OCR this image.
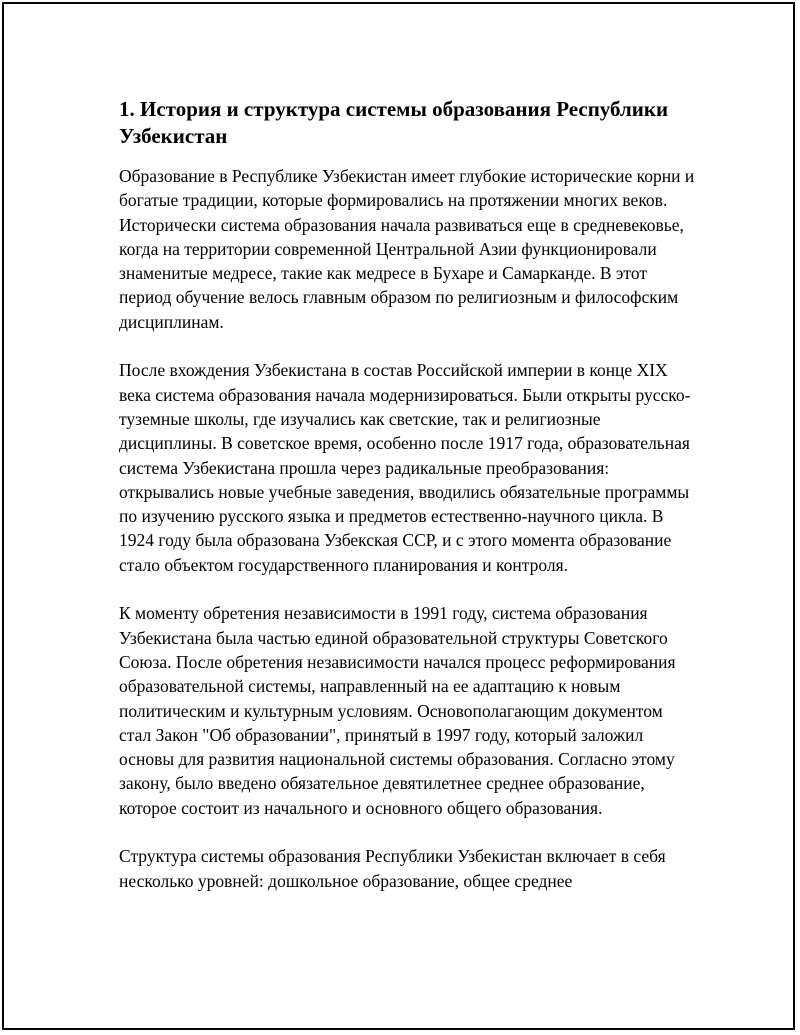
1. История и структура системы образования Республики Узбекистан

Образование в Республике Узбекистан имеет глубокие исторические корни и богатые традиции, которые формировались на протяжении многих веков. Исторически система образования начала развиваться еще в средневековье, когда на территории современной Центральной Азии функционировали знаменитые медресе, такие как медресе в Бухаре и Самарканде. В этот период обучение велось главным образом по религиозным и философским дисциплинам.

После вхождения Узбекистана в состав Российской империи в конце XIX века система образования начала модернизироваться. Были открыты русско-туземные школы, где изучались как светские, так и религиозные дисциплины. В советское время, особенно после 1917 года, образовательная система Узбекистана прошла через радикальные преобразования: открывались новые учебные заведения, вводились обязательные программы по изучению русского языка и предметов естественно-научного цикла. В 1924 году была образована Узбекская ССР, и с этого момента образование стало объектом государственного планирования и контроля.

К моменту обретения независимости в 1991 году, система образования Узбекистана была частью единой образовательной структуры Советского Союза. После обретения независимости начался процесс реформирования образовательной системы, направленный на ее адаптацию к новым политическим и культурным условиям. Основополагающим документом стал Закон "Об образовании", принятый в 1997 году, который заложил основы для развития национальной системы образования. Согласно этому закону, было введено обязательное девятилетнее среднее образование, которое состоит из начального и основного общего образования.

Структура системы образования Республики Узбекистан включает в себя несколько уровней: дошкольное образование, общее среднее
